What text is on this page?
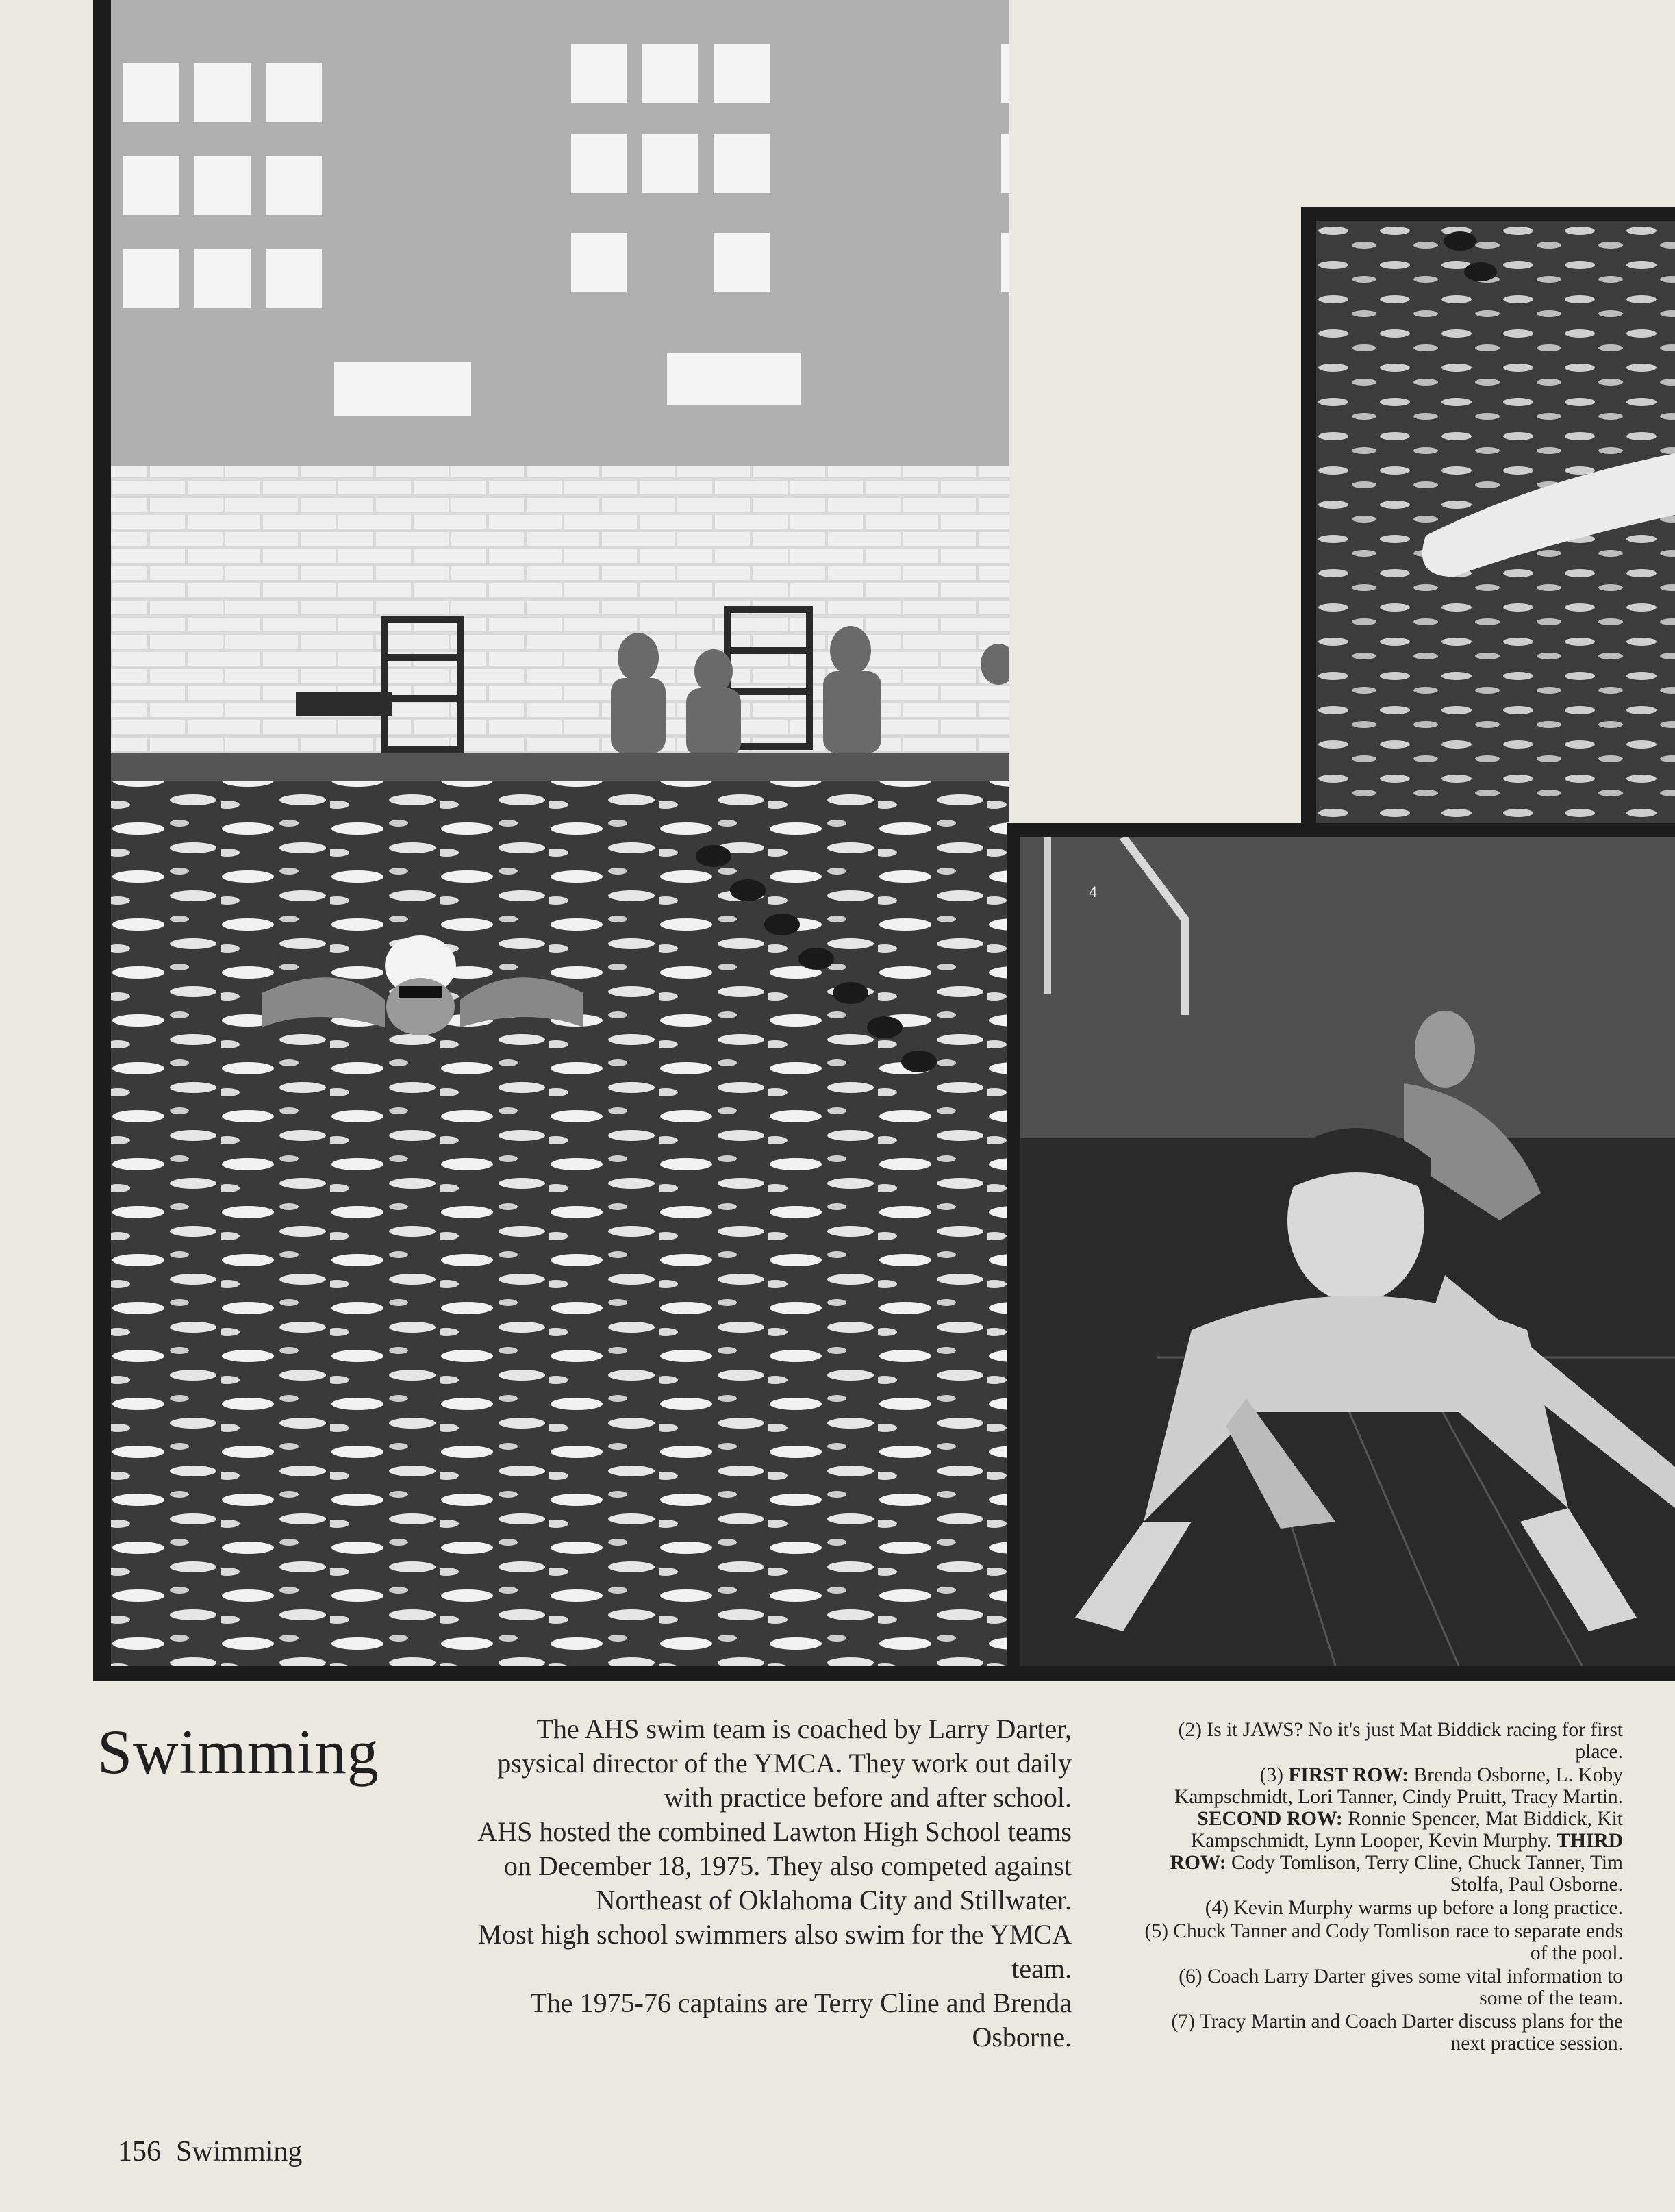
4
Swimming	The AHS swim team is coached by Larry Darter, psysical director of the YMCA. They work out daily with practice before and after school.

AHS hosted the combined Lawton High School teams on December 18, 1975. They also competed against Northeast of Oklahoma City and Stillwater.

Most high school swimmers also swim for the YMCA team.

The 1975-76 captains are Terry Cline and Brenda Osborne.

(2) Is it JAWS? No it's just Mat Biddick racing for first place.

(3) FIRST ROW: Brenda Osborne, L. Koby Kampschmidt, Lori Tanner, Cindy Pruitt, Tracy Martin. SECOND ROW: Ronnie Spencer, Mat Biddick, Kit Kampschmidt, Lynn Looper, Kevin Murphy. THIRD ROW: Cody Tomlison, Terry Cline, Chuck Tanner, Tim Stolfa, Paul Osborne.

(4) Kevin Murphy warms up before a long practice.

(5) Chuck Tanner and Cody Tomlison race to separate ends of the pool.

(6) Coach Larry Darter gives some vital information to some of the team.

(7) Tracy Martin and Coach Darter discuss plans for the next practice session.

156 Swimming
